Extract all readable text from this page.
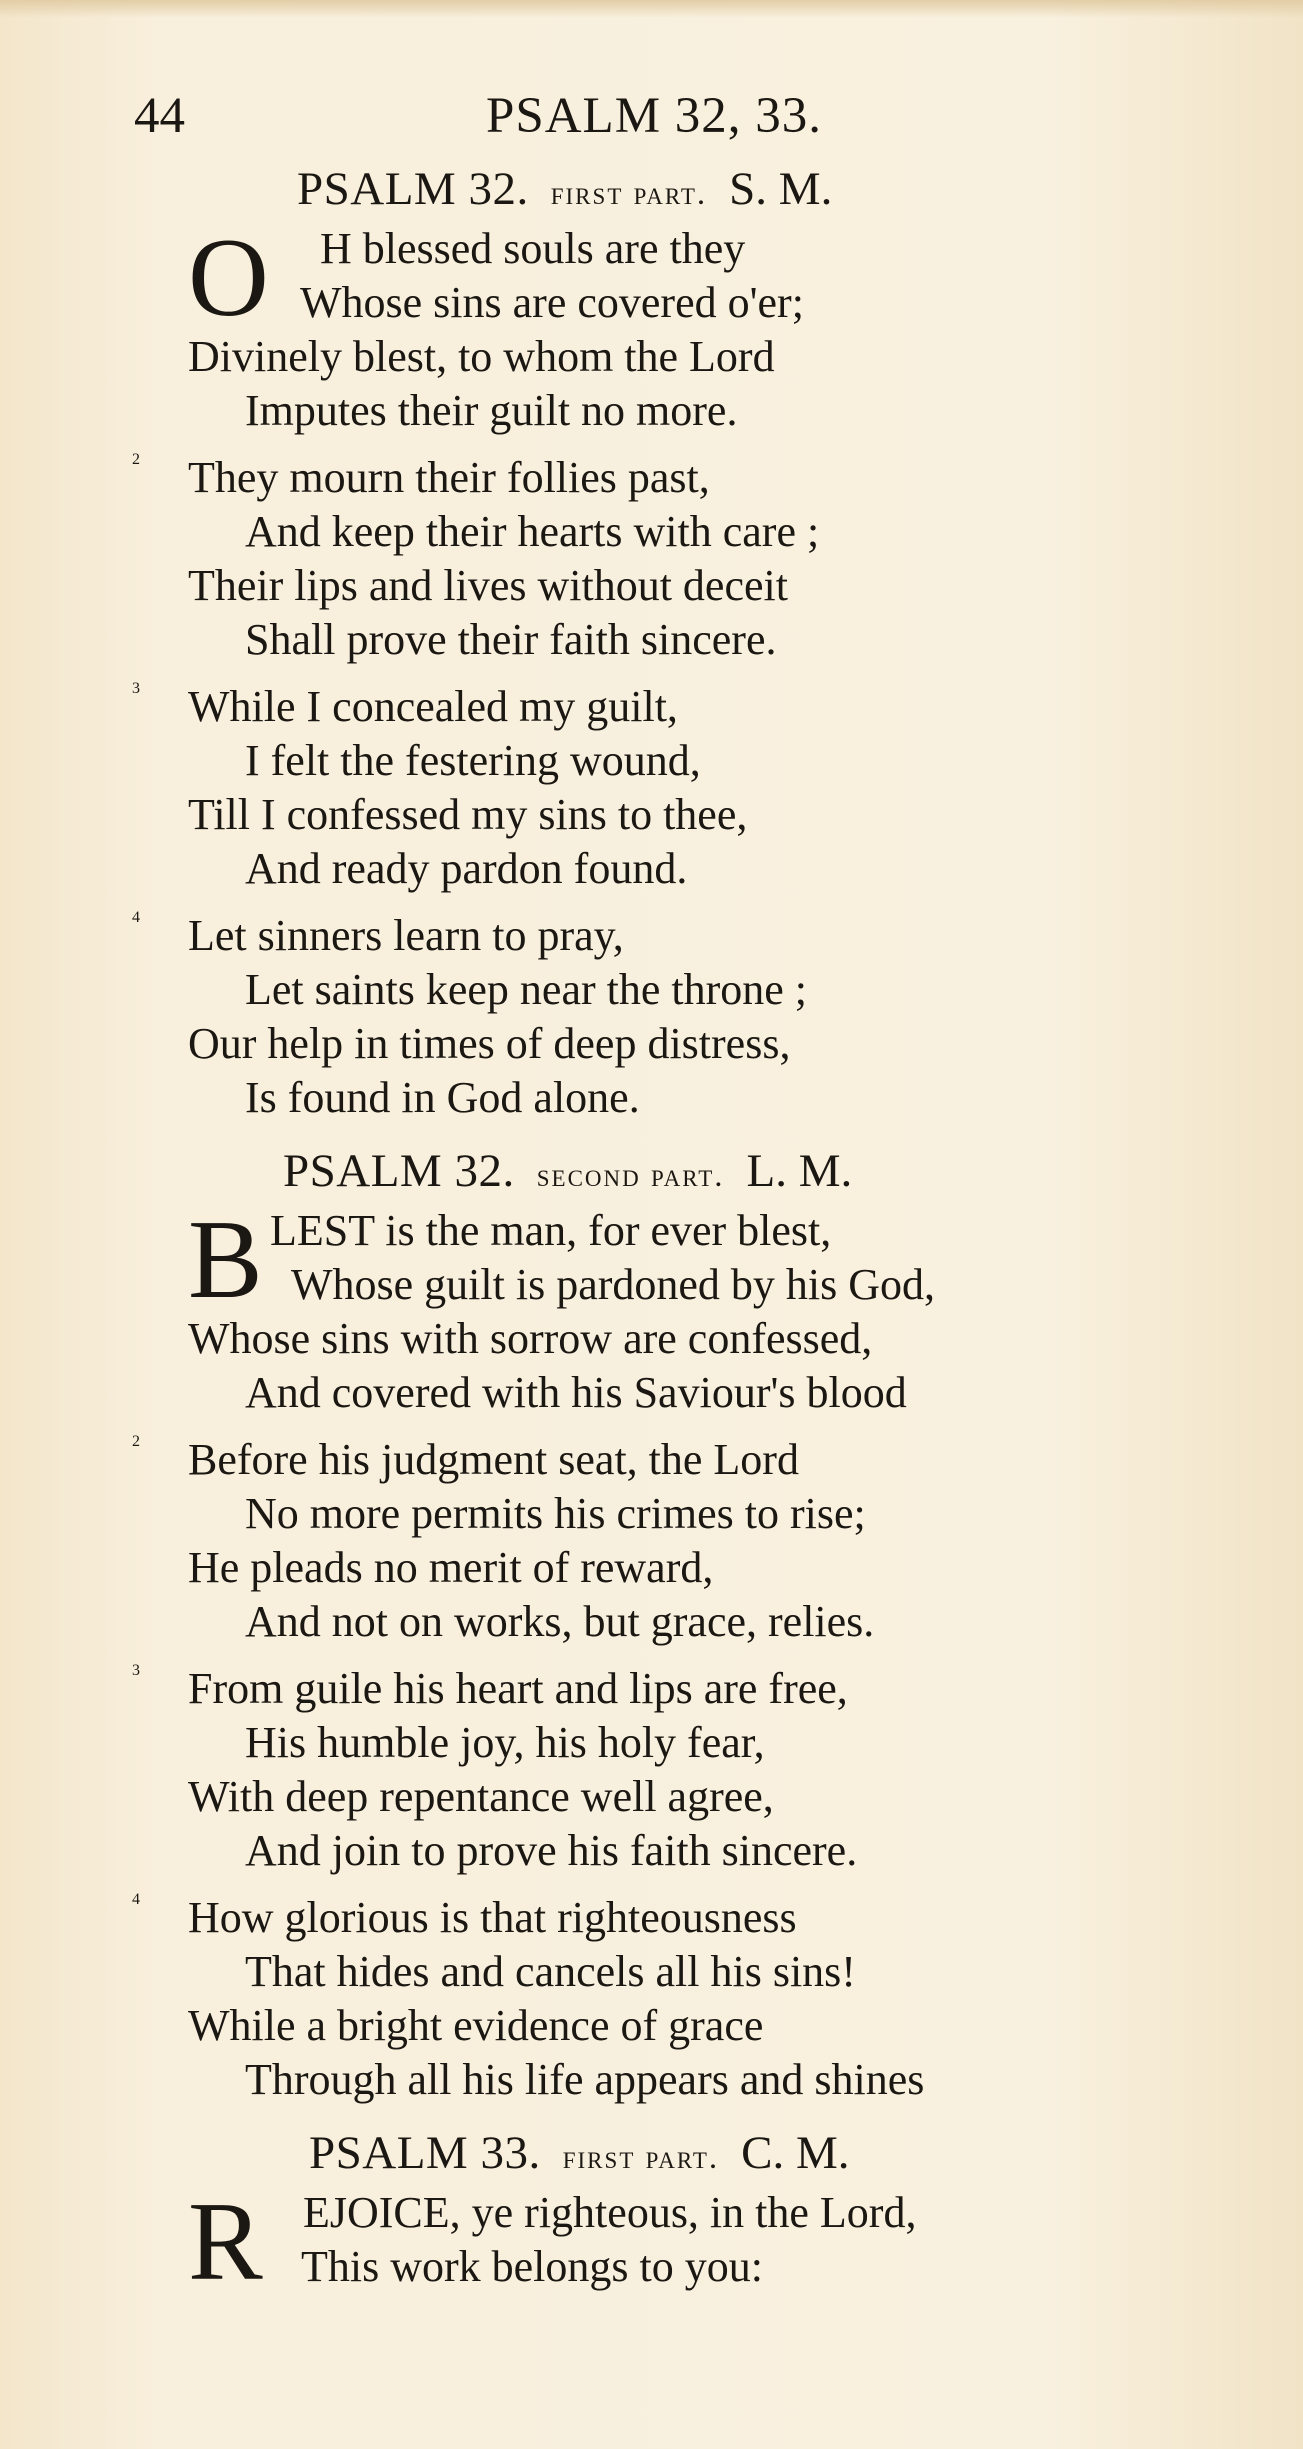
44	PSALM 32, 33.
PSALM 32. first part. S. M.
O	H blessed souls are they
Whose sins are covered o'er;
Divinely blest, to whom the Lord
Imputes their guilt no more.
2	They mourn their follies past,
And keep their hearts with care ;
Their lips and lives without deceit
Shall prove their faith sincere.
3	While I concealed my guilt,
I felt the festering wound,
Till I confessed my sins to thee,
And ready pardon found.
4	Let sinners learn to pray,
Let saints keep near the throne ;
Our help in times of deep distress,
Is found in God alone.
PSALM 32. second part. L. M.
B LEST is the man, for ever blest,
Whose guilt is pardoned by his God,
Whose sins with sorrow are confessed,
And covered with his Saviour's blood
2	Before his judgment seat, the Lord
No more permits his crimes to rise;
He pleads no merit of reward,
And not on works, but grace, relies.
3	From guile his heart and lips are free,
His humble joy, his holy fear,
With deep repentance well agree,
And join to prove his faith sincere.
4	How glorious is that righteousness
That hides and cancels all his sins!
While a bright evidence of grace
Through all his life appears and shines
PSALM 33. first part. C. M.
R EJOICE, ye righteous, in the Lord,
This work belongs to you:
